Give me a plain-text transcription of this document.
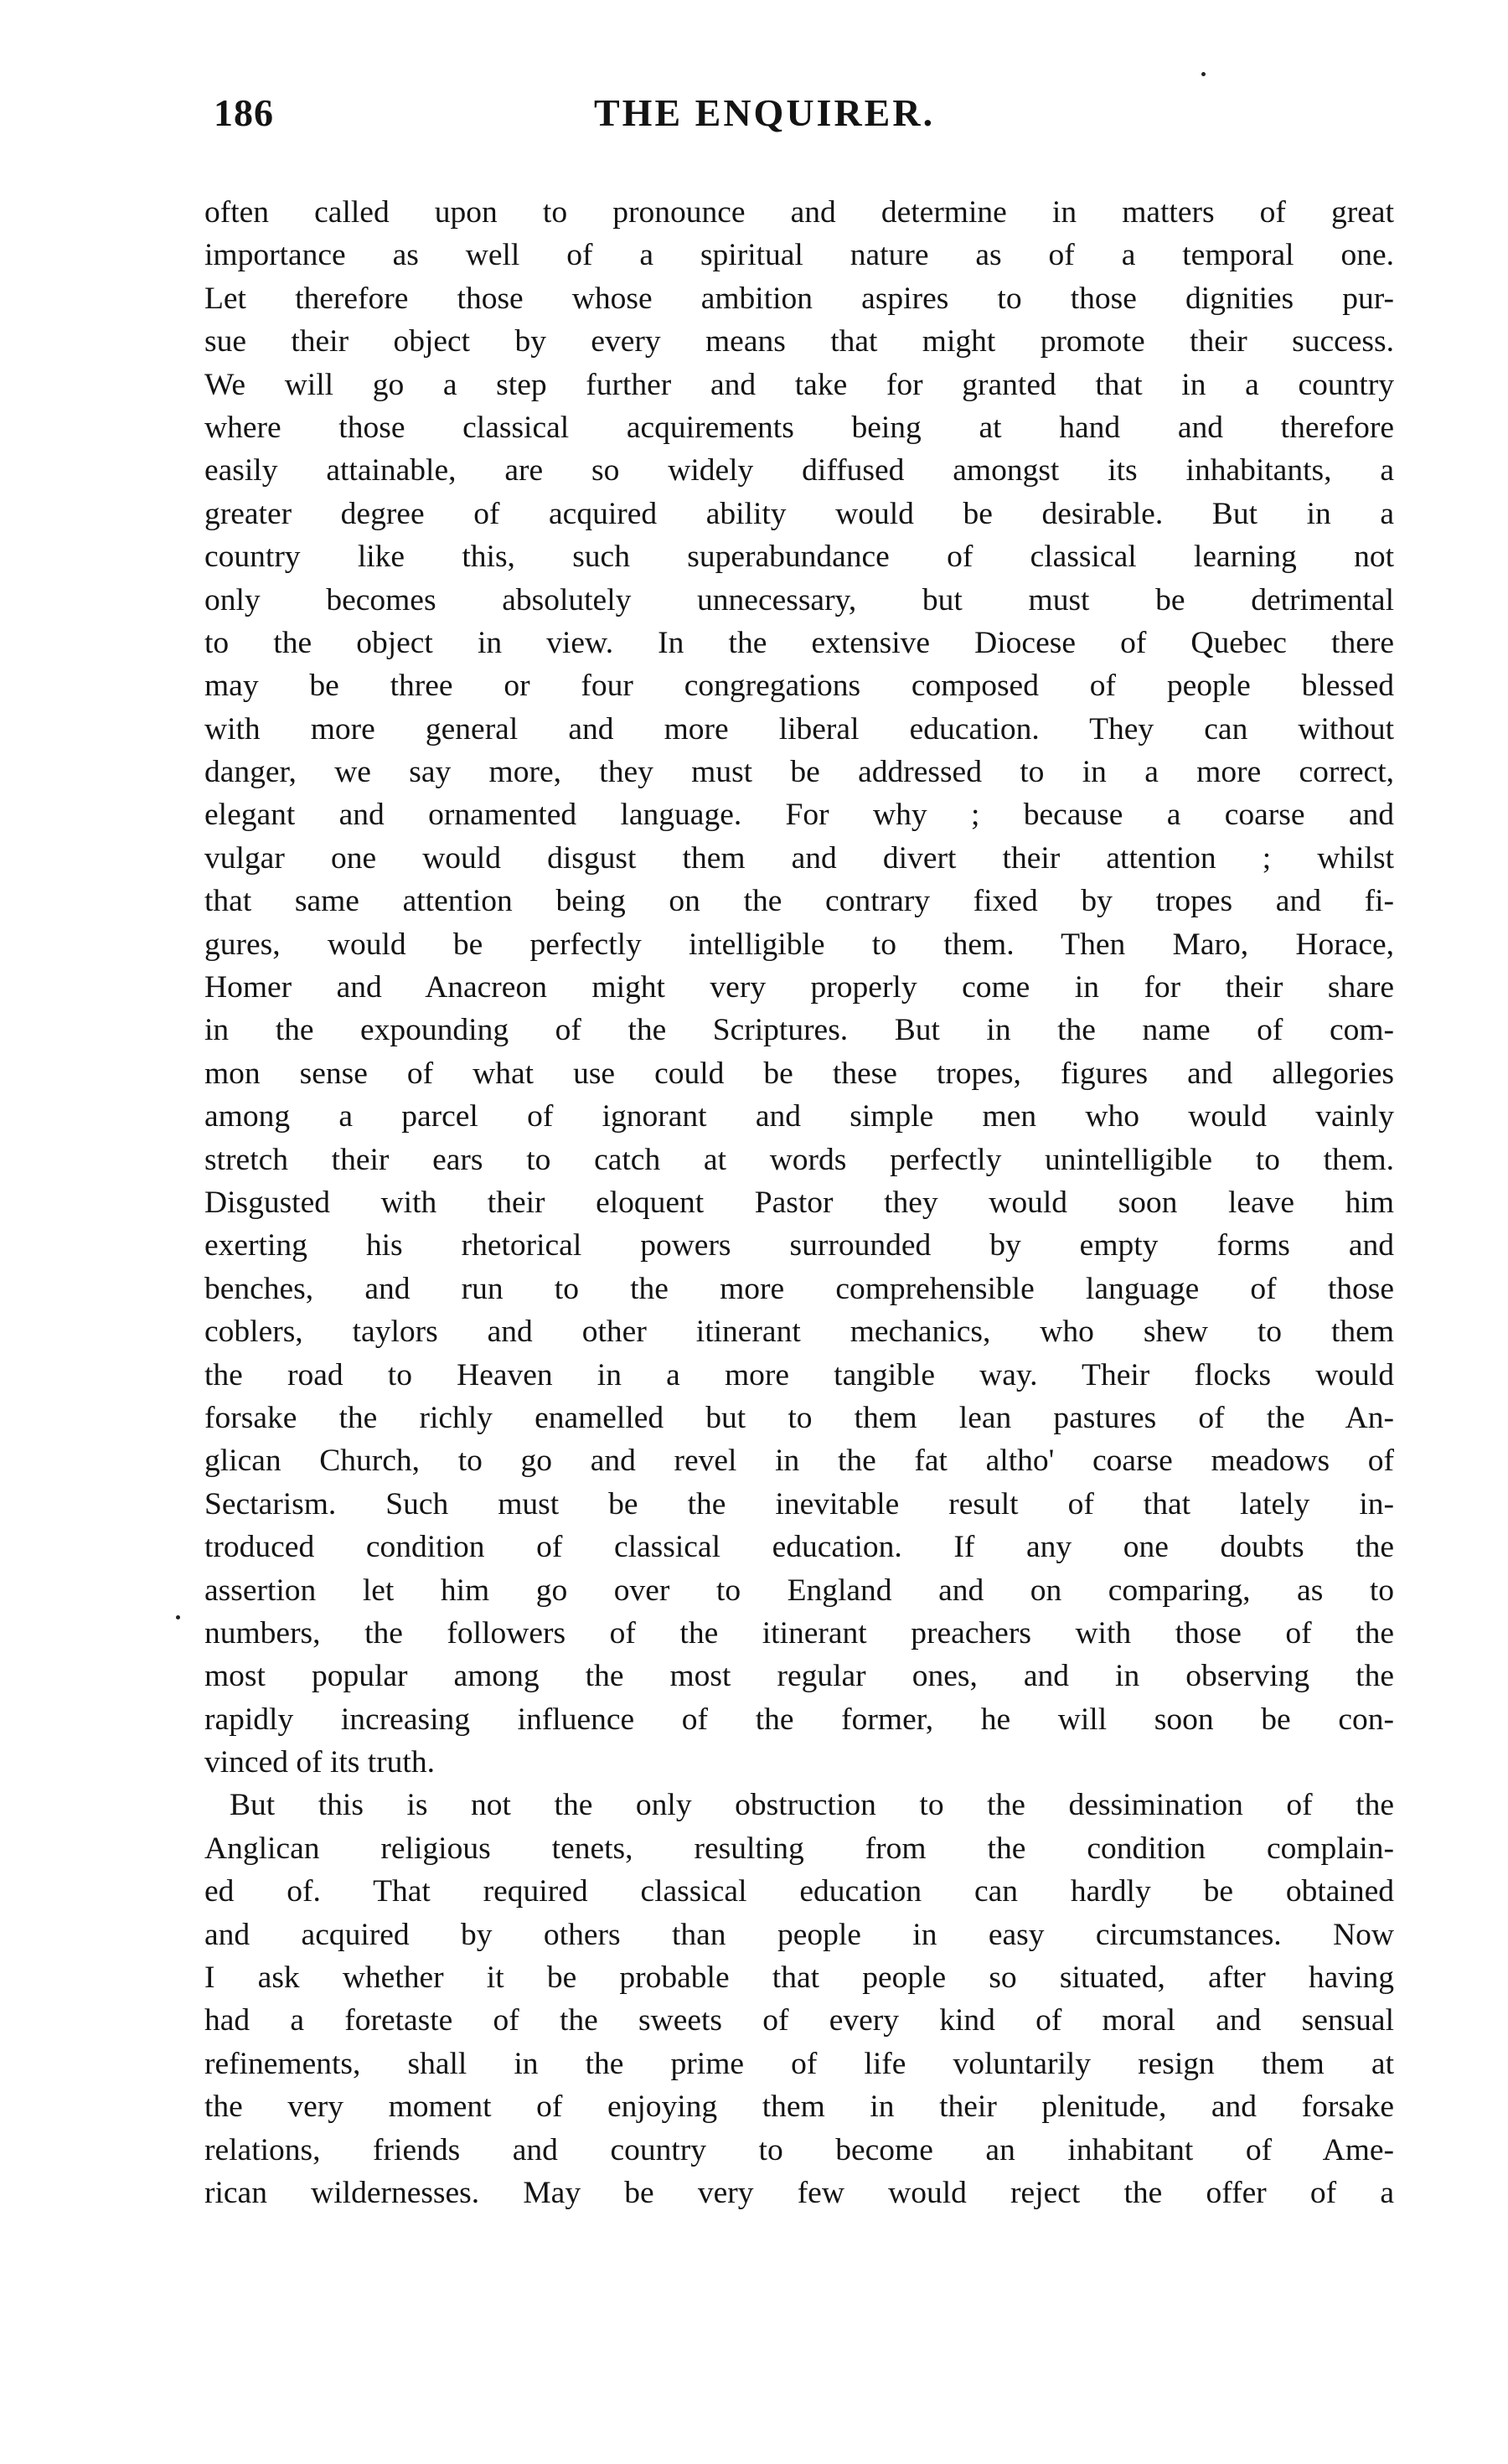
186	THE ENQUIRER.
often called upon to pronounce and determine in matters of great
importance as well of a spiritual nature as of a temporal one.
Let therefore those whose ambition aspires to those dignities pur-
sue their object by every means that might promote their success.
We will go a step further and take for granted that in a country
where those classical acquirements being at hand and therefore
easily attainable, are so widely diffused amongst its inhabitants, a
greater degree of acquired ability would be desirable. But in a
country like this, such superabundance of classical learning not
only becomes absolutely unnecessary, but must be detrimental
to the object in view. In the extensive Diocese of Quebec there
may be three or four congregations composed of people blessed
with more general and more liberal education. They can without
danger, we say more, they must be addressed to in a more correct,
elegant and ornamented language. For why ; because a coarse and
vulgar one would disgust them and divert their attention ; whilst
that same attention being on the contrary fixed by tropes and fi-
gures, would be perfectly intelligible to them. Then Maro, Horace,
Homer and Anacreon might very properly come in for their share
in the expounding of the Scriptures. But in the name of com-
mon sense of what use could be these tropes, figures and allegories
among a parcel of ignorant and simple men who would vainly
stretch their ears to catch at words perfectly unintelligible to them.
Disgusted with their eloquent Pastor they would soon leave him
exerting his rhetorical powers surrounded by empty forms and
benches, and run to the more comprehensible language of those
coblers, taylors and other itinerant mechanics, who shew to them
the road to Heaven in a more tangible way. Their flocks would
forsake the richly enamelled but to them lean pastures of the An-
glican Church, to go and revel in the fat altho' coarse meadows of
Sectarism. Such must be the inevitable result of that lately in-
troduced condition of classical education. If any one doubts the
assertion let him go over to England and on comparing, as to
numbers, the followers of the itinerant preachers with those of the
most popular among the most regular ones, and in observing the
rapidly increasing influence of the former, he will soon be con-
vinced of its truth.
But this is not the only obstruction to the dessimination of the
Anglican religious tenets, resulting from the condition complain-
ed of. That required classical education can hardly be obtained
and acquired by others than people in easy circumstances. Now
I ask whether it be probable that people so situated, after having
had a foretaste of the sweets of every kind of moral and sensual
refinements, shall in the prime of life voluntarily resign them at
the very moment of enjoying them in their plenitude, and forsake
relations, friends and country to become an inhabitant of Ame-
rican wildernesses. May be very few would reject the offer of a
